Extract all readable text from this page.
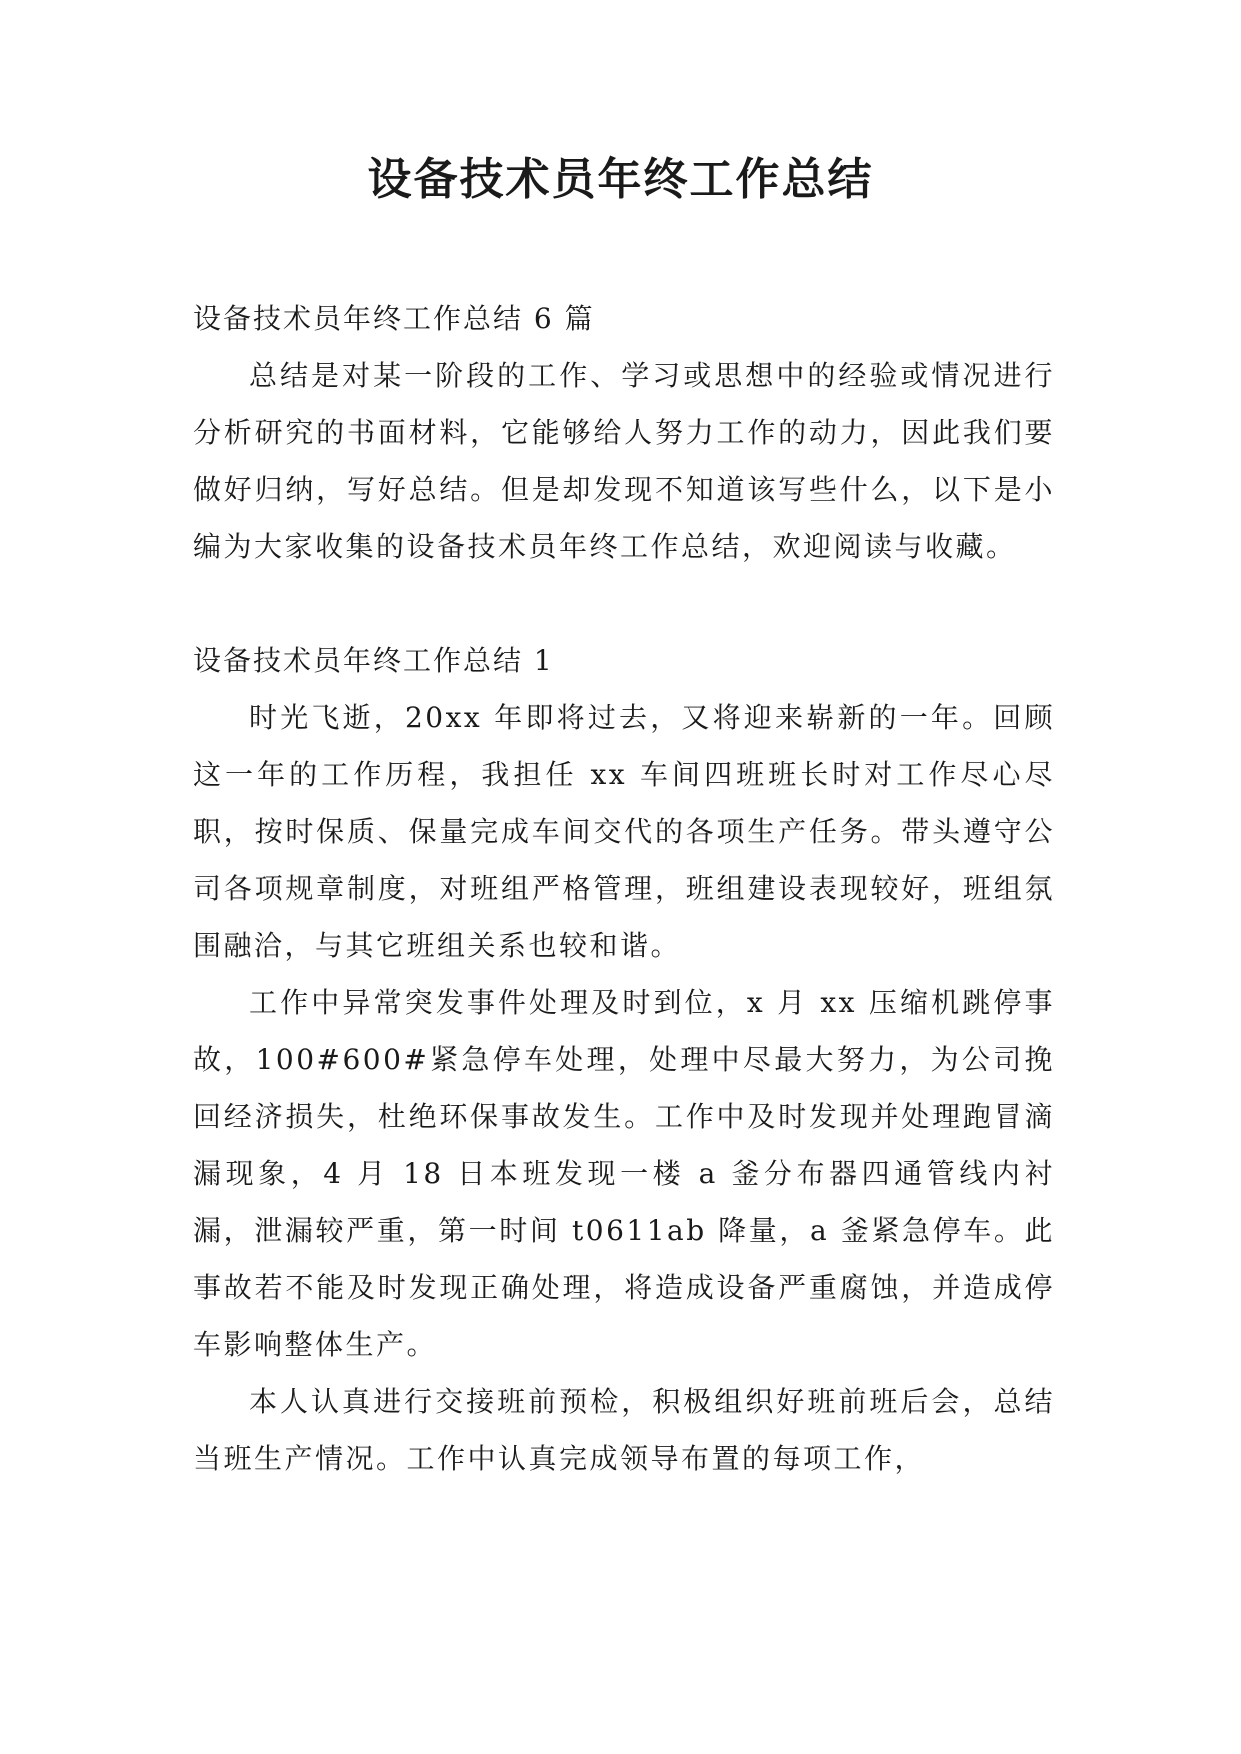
设备技术员年终工作总结
设备技术员年终工作总结 6 篇

总结是对某一阶段的工作、学习或思想中的经验或情况进行分析研究的书面材料，它能够给人努力工作的动力，因此我们要做好归纳，写好总结。但是却发现不知道该写些什么，以下是小编为大家收集的设备技术员年终工作总结，欢迎阅读与收藏。

设备技术员年终工作总结 1

时光飞逝，20xx 年即将过去，又将迎来崭新的一年。回顾这一年的工作历程，我担任 xx 车间四班班长时对工作尽心尽职，按时保质、保量完成车间交代的各项生产任务。带头遵守公司各项规章制度，对班组严格管理，班组建设表现较好，班组氛围融洽，与其它班组关系也较和谐。

工作中异常突发事件处理及时到位，x 月 xx 压缩机跳停事故，100#600#紧急停车处理，处理中尽最大努力，为公司挽回经济损失，杜绝环保事故发生。工作中及时发现并处理跑冒滴漏现象，4 月 18 日本班发现一楼 a 釜分布器四通管线内衬漏，泄漏较严重，第一时间 t0611ab 降量，a 釜紧急停车。此事故若不能及时发现正确处理，将造成设备严重腐蚀，并造成停车影响整体生产。

本人认真进行交接班前预检，积极组织好班前班后会，总结当班生产情况。工作中认真完成领导布置的每项工作，
